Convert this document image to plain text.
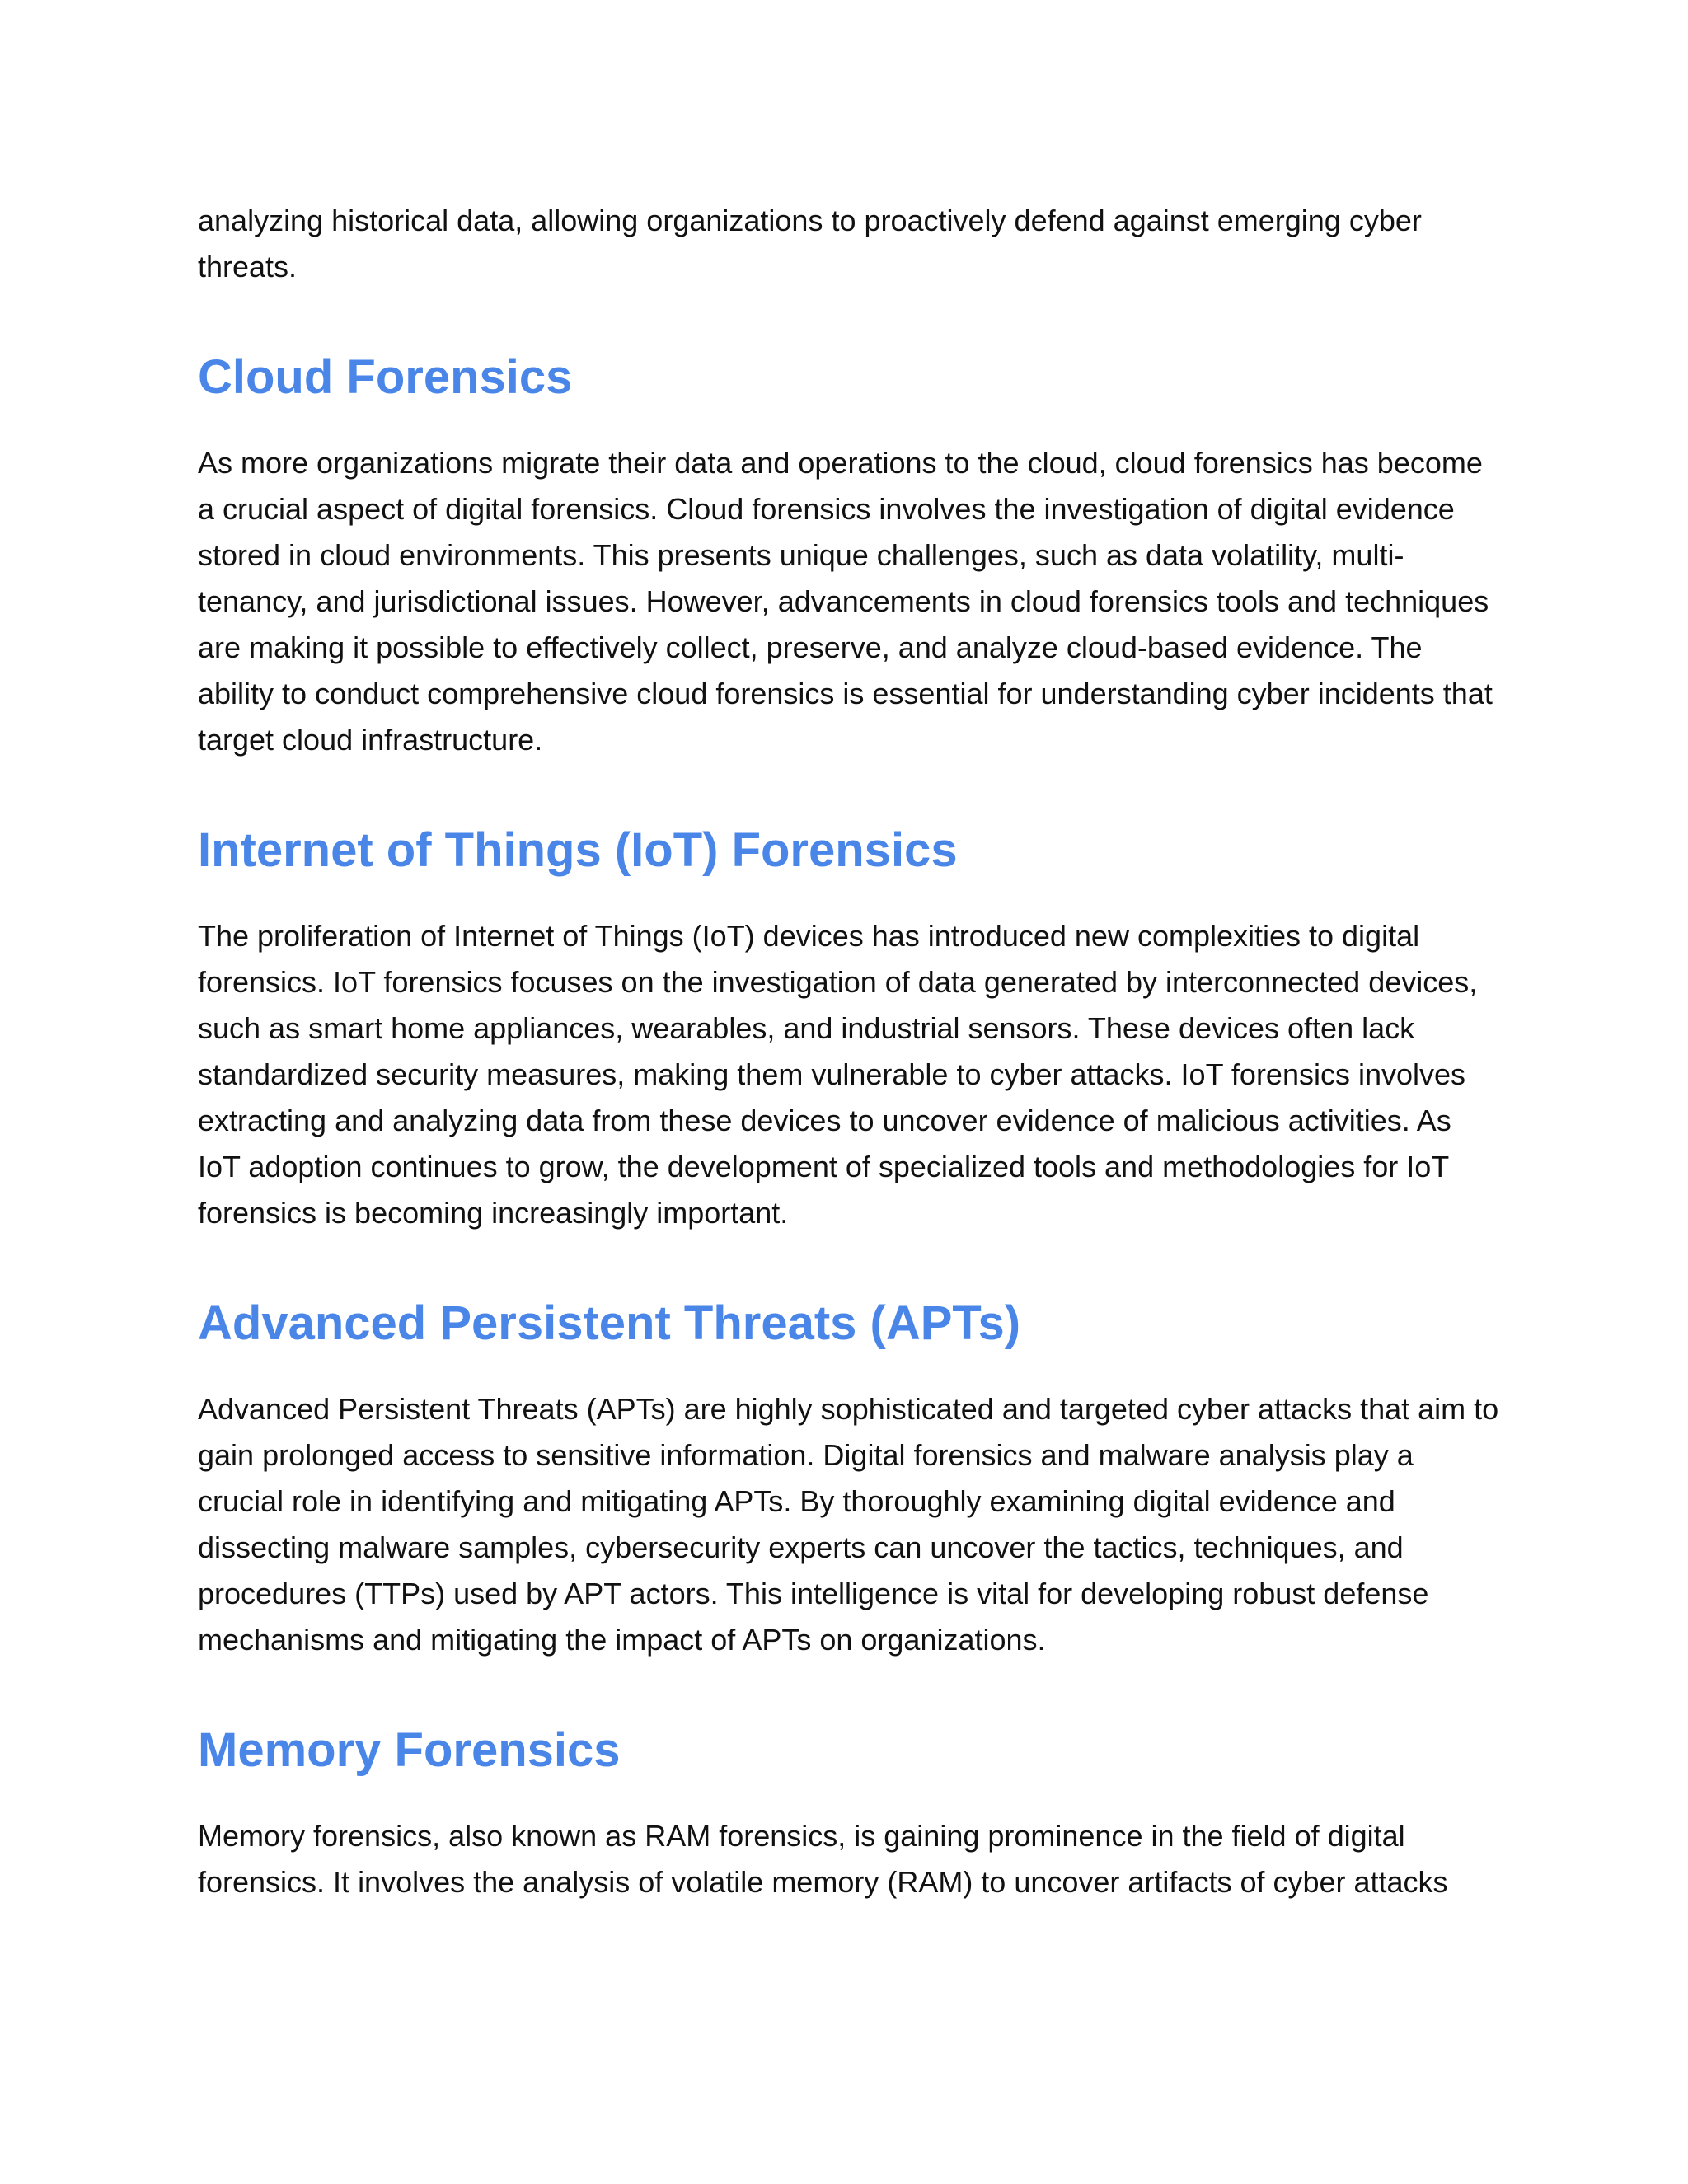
analyzing historical data, allowing organizations to proactively defend against emerging cyber threats.

Cloud Forensics

As more organizations migrate their data and operations to the cloud, cloud forensics has become a crucial aspect of digital forensics. Cloud forensics involves the investigation of digital evidence stored in cloud environments. This presents unique challenges, such as data volatility, multi-tenancy, and jurisdictional issues. However, advancements in cloud forensics tools and techniques are making it possible to effectively collect, preserve, and analyze cloud-based evidence. The ability to conduct comprehensive cloud forensics is essential for understanding cyber incidents that target cloud infrastructure.

Internet of Things (IoT) Forensics

The proliferation of Internet of Things (IoT) devices has introduced new complexities to digital forensics. IoT forensics focuses on the investigation of data generated by interconnected devices, such as smart home appliances, wearables, and industrial sensors. These devices often lack standardized security measures, making them vulnerable to cyber attacks. IoT forensics involves extracting and analyzing data from these devices to uncover evidence of malicious activities. As IoT adoption continues to grow, the development of specialized tools and methodologies for IoT forensics is becoming increasingly important.

Advanced Persistent Threats (APTs)

Advanced Persistent Threats (APTs) are highly sophisticated and targeted cyber attacks that aim to gain prolonged access to sensitive information. Digital forensics and malware analysis play a crucial role in identifying and mitigating APTs. By thoroughly examining digital evidence and dissecting malware samples, cybersecurity experts can uncover the tactics, techniques, and procedures (TTPs) used by APT actors. This intelligence is vital for developing robust defense mechanisms and mitigating the impact of APTs on organizations.

Memory Forensics

Memory forensics, also known as RAM forensics, is gaining prominence in the field of digital forensics. It involves the analysis of volatile memory (RAM) to uncover artifacts of cyber attacks
